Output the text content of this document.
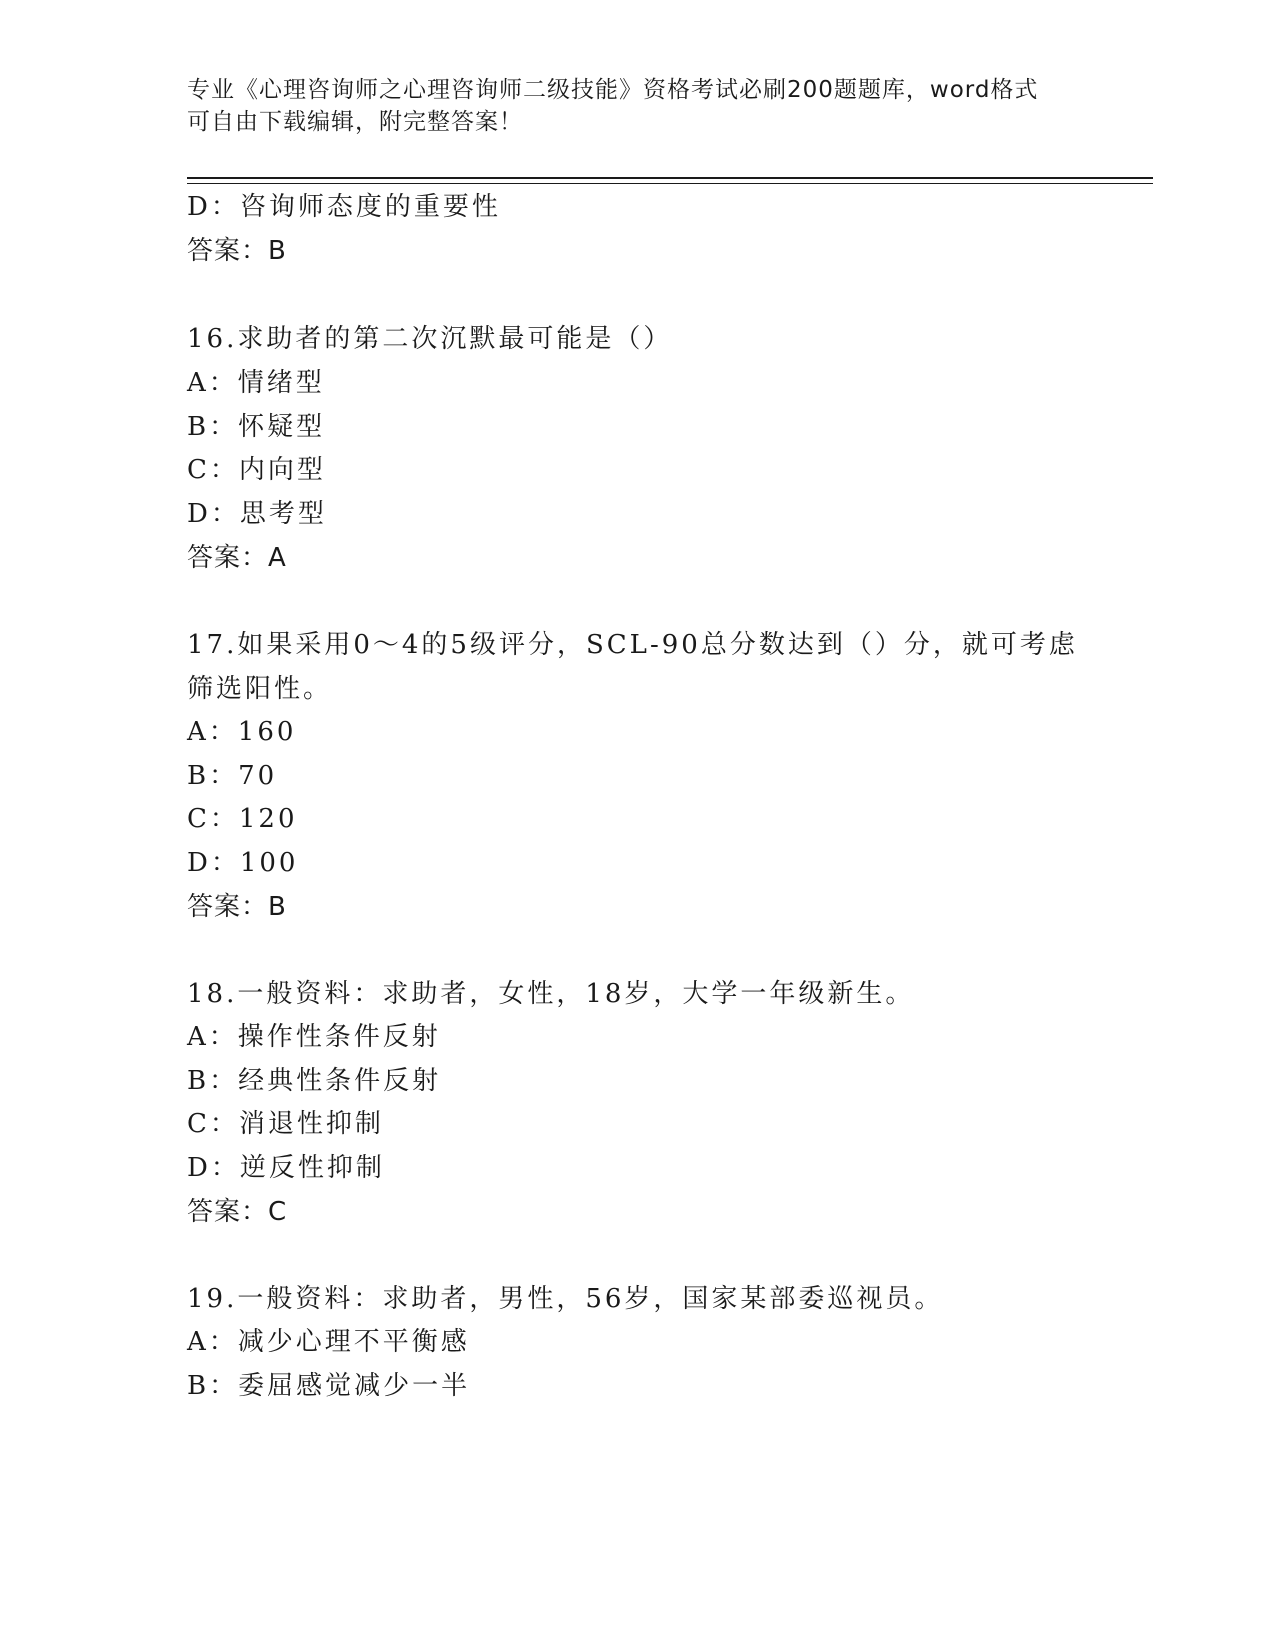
专业《心理咨询师之心理咨询师二级技能》资格考试必刷200题题库，word格式
可自由下载编辑，附完整答案！
D：咨询师态度的重要性
答案：B
16.求助者的第二次沉默最可能是（）
A：情绪型
B：怀疑型
C：内向型
D：思考型
答案：A
17.如果采用0～4的5级评分，SCL-90总分数达到（）分，就可考虑
筛选阳性。
A：160
B：70
C：120
D：100
答案：B
18.一般资料：求助者，女性，18岁，大学一年级新生。
A：操作性条件反射
B：经典性条件反射
C：消退性抑制
D：逆反性抑制
答案：C
19.一般资料：求助者，男性，56岁，国家某部委巡视员。
A：减少心理不平衡感
B：委屈感觉减少一半
